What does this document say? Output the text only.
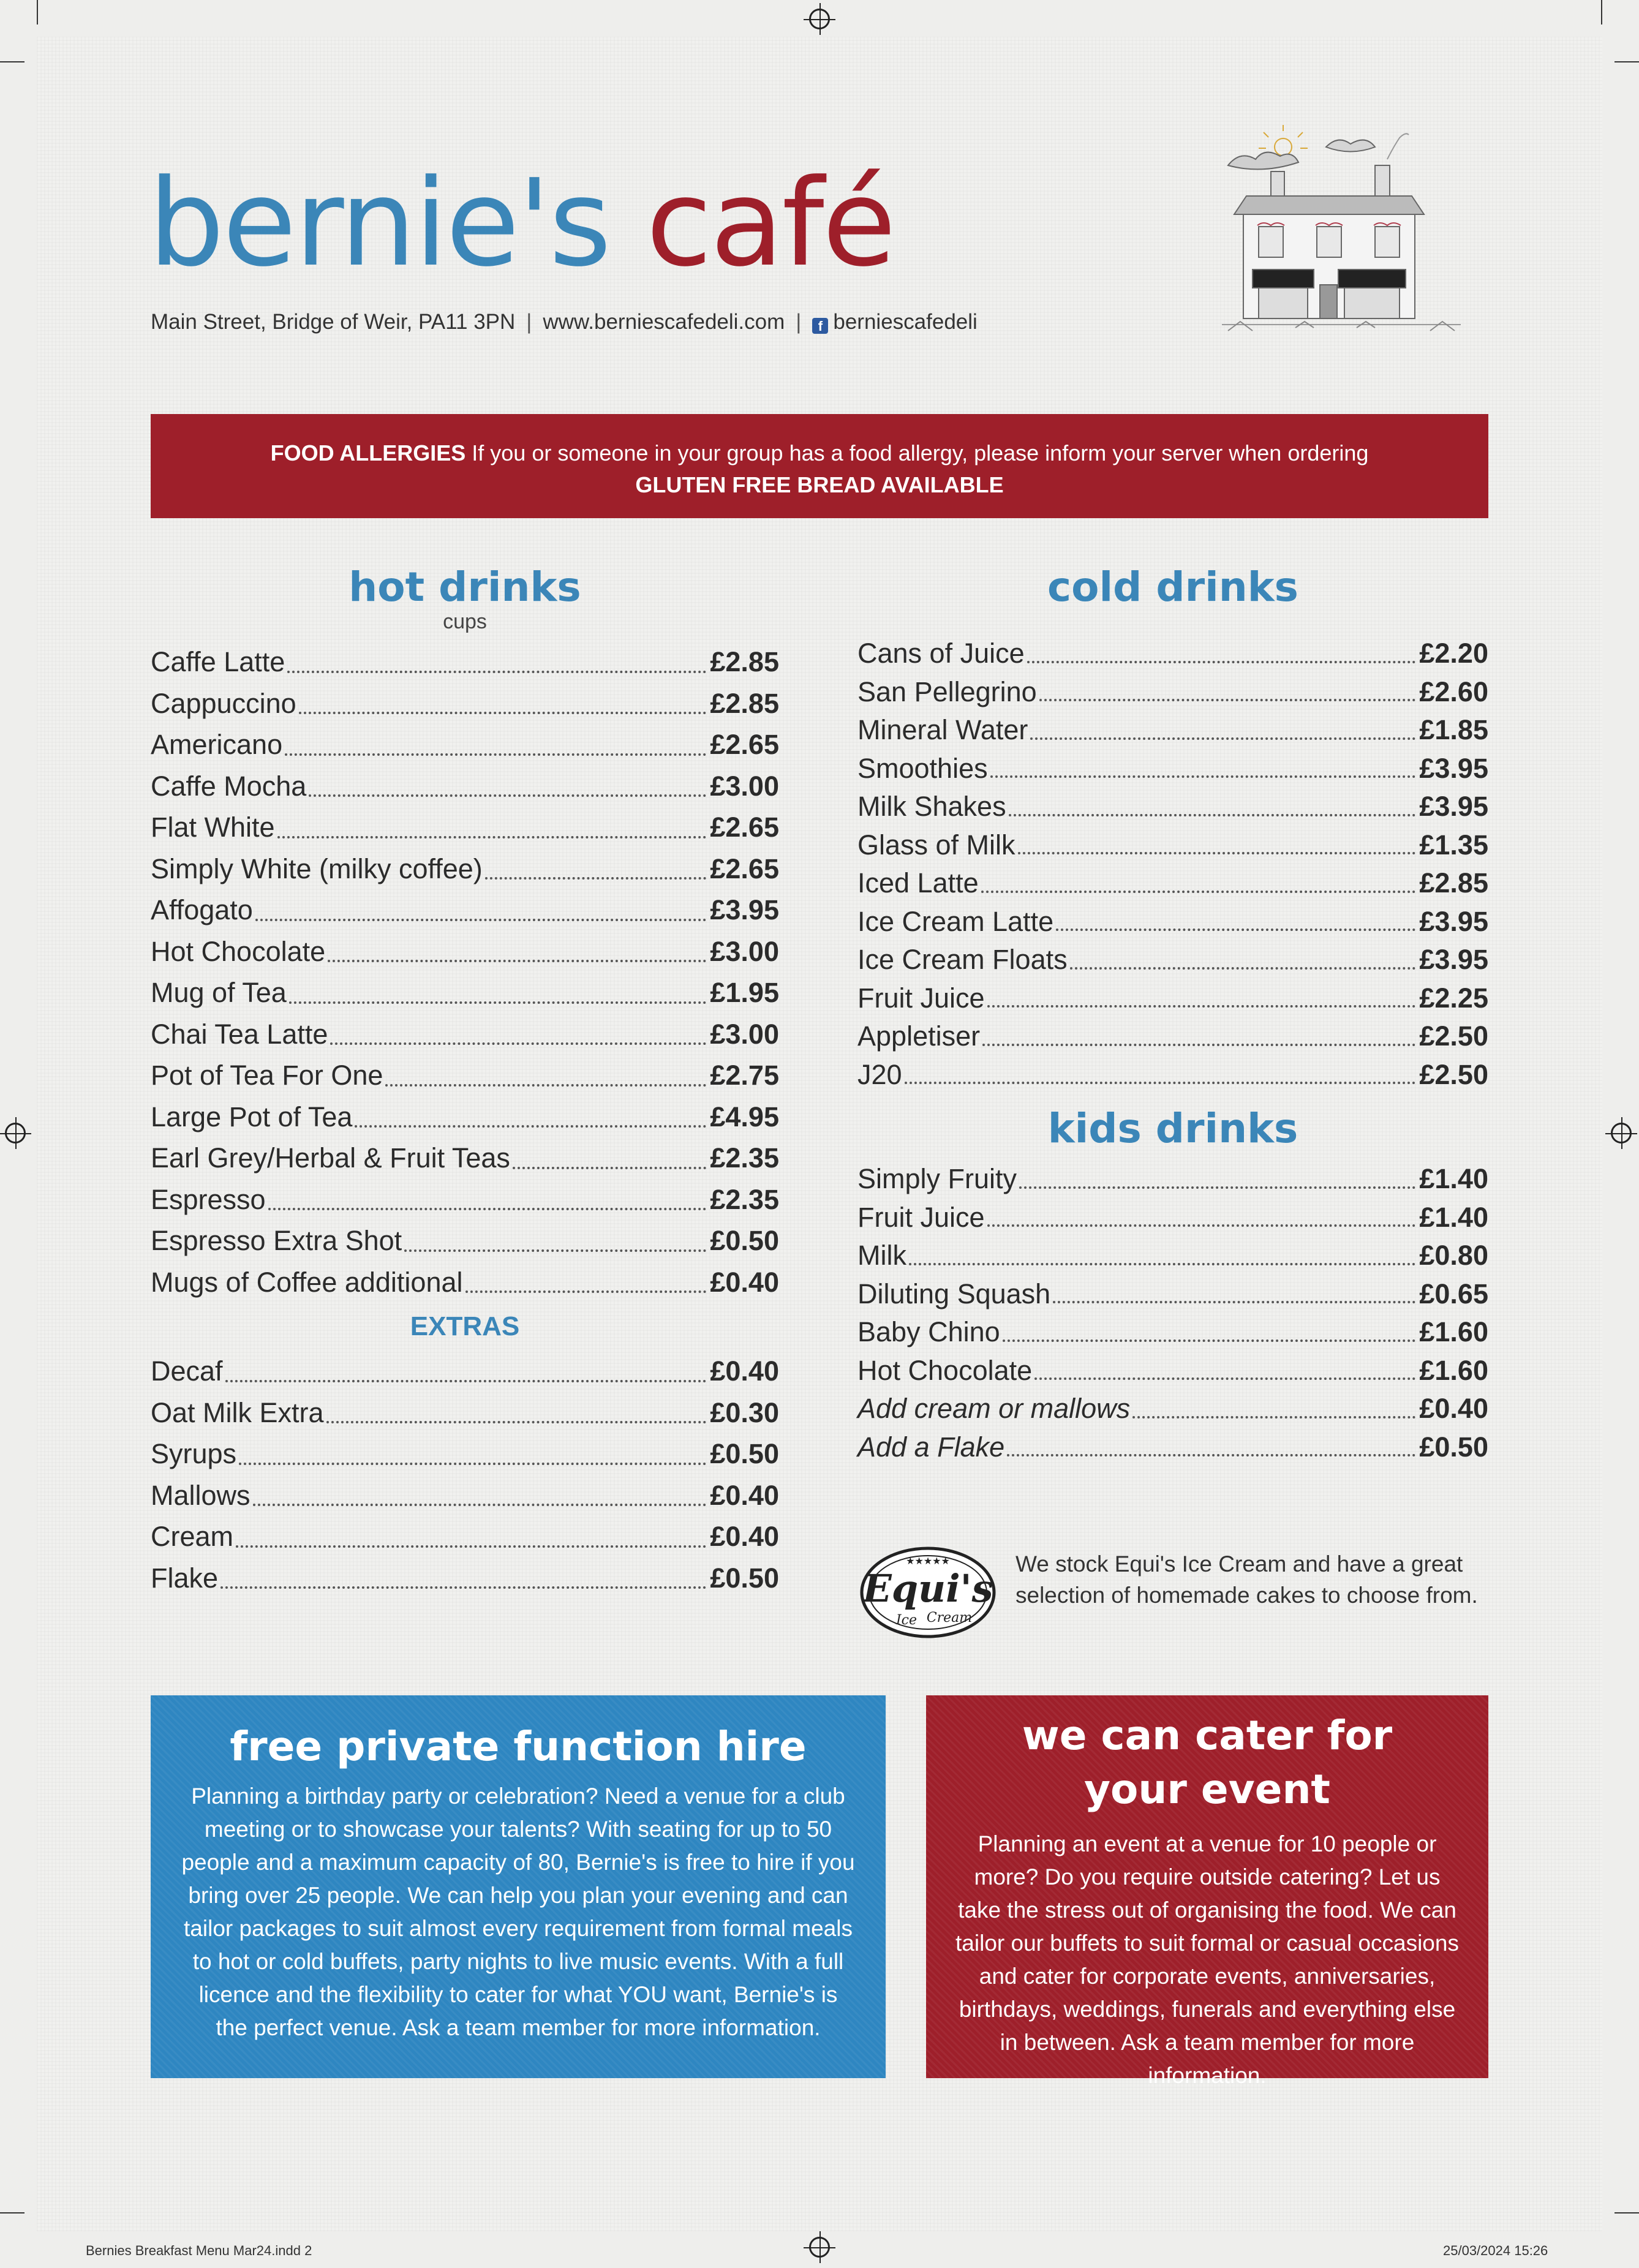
bernie's café
Main Street, Bridge of Weir, PA11 3PN | www.berniescafedeli.com | f berniescafedeli
FOOD ALLERGIES If you or someone in your group has a food allergy, please inform your server when ordering
GLUTEN FREE BREAD AVAILABLE
hot drinks
cups
Caffe Latte	£2.85
Cappuccino	£2.85
Americano	£2.65
Caffe Mocha	£3.00
Flat White	£2.65
Simply White (milky coffee)	£2.65
Affogato	£3.95
Hot Chocolate	£3.00
Mug of Tea	£1.95
Chai Tea Latte	£3.00
Pot of Tea For One	£2.75
Large Pot of Tea	£4.95
Earl Grey/Herbal & Fruit Teas	£2.35
Espresso	£2.35
Espresso Extra Shot	£0.50
Mugs of Coffee additional	£0.40
EXTRAS
Decaf	£0.40
Oat Milk Extra	£0.30
Syrups	£0.50
Mallows	£0.40
Cream	£0.40
Flake	£0.50
cold drinks
Cans of Juice	£2.20
San Pellegrino	£2.60
Mineral Water	£1.85
Smoothies	£3.95
Milk Shakes	£3.95
Glass of Milk	£1.35
Iced Latte	£2.85
Ice Cream Latte	£3.95
Ice Cream Floats	£3.95
Fruit Juice	£2.25
Appletiser	£2.50
J20	£2.50
kids drinks
Simply Fruity	£1.40
Fruit Juice	£1.40
Milk	£0.80
Diluting Squash	£0.65
Baby Chino	£1.60
Hot Chocolate	£1.60
Add cream or mallows	£0.40
Add a Flake	£0.50
★★★★★
Equi's
Ice Cream
We stock Equi's Ice Cream and have a great selection of homemade cakes to choose from.
free private function hire

Planning a birthday party or celebration? Need a venue for a club meeting or to showcase your talents? With seating for up to 50 people and a maximum capacity of 80, Bernie's is free to hire if you bring over 25 people. We can help you plan your evening and can tailor packages to suit almost every requirement from formal meals to hot or cold buffets, party nights to live music events. With a full licence and the flexibility to cater for what YOU want, Bernie's is the perfect venue. Ask a team member for more information.

we can cater for
your event

Planning an event at a venue for 10 people or more? Do you require outside catering? Let us take the stress out of organising the food. We can tailor our buffets to suit formal or casual occasions and cater for corporate events, anniversaries, birthdays, weddings, funerals and everything else in between. Ask a team member for more information.

Bernies Breakfast Menu Mar24.indd 2	25/03/2024 15:26
